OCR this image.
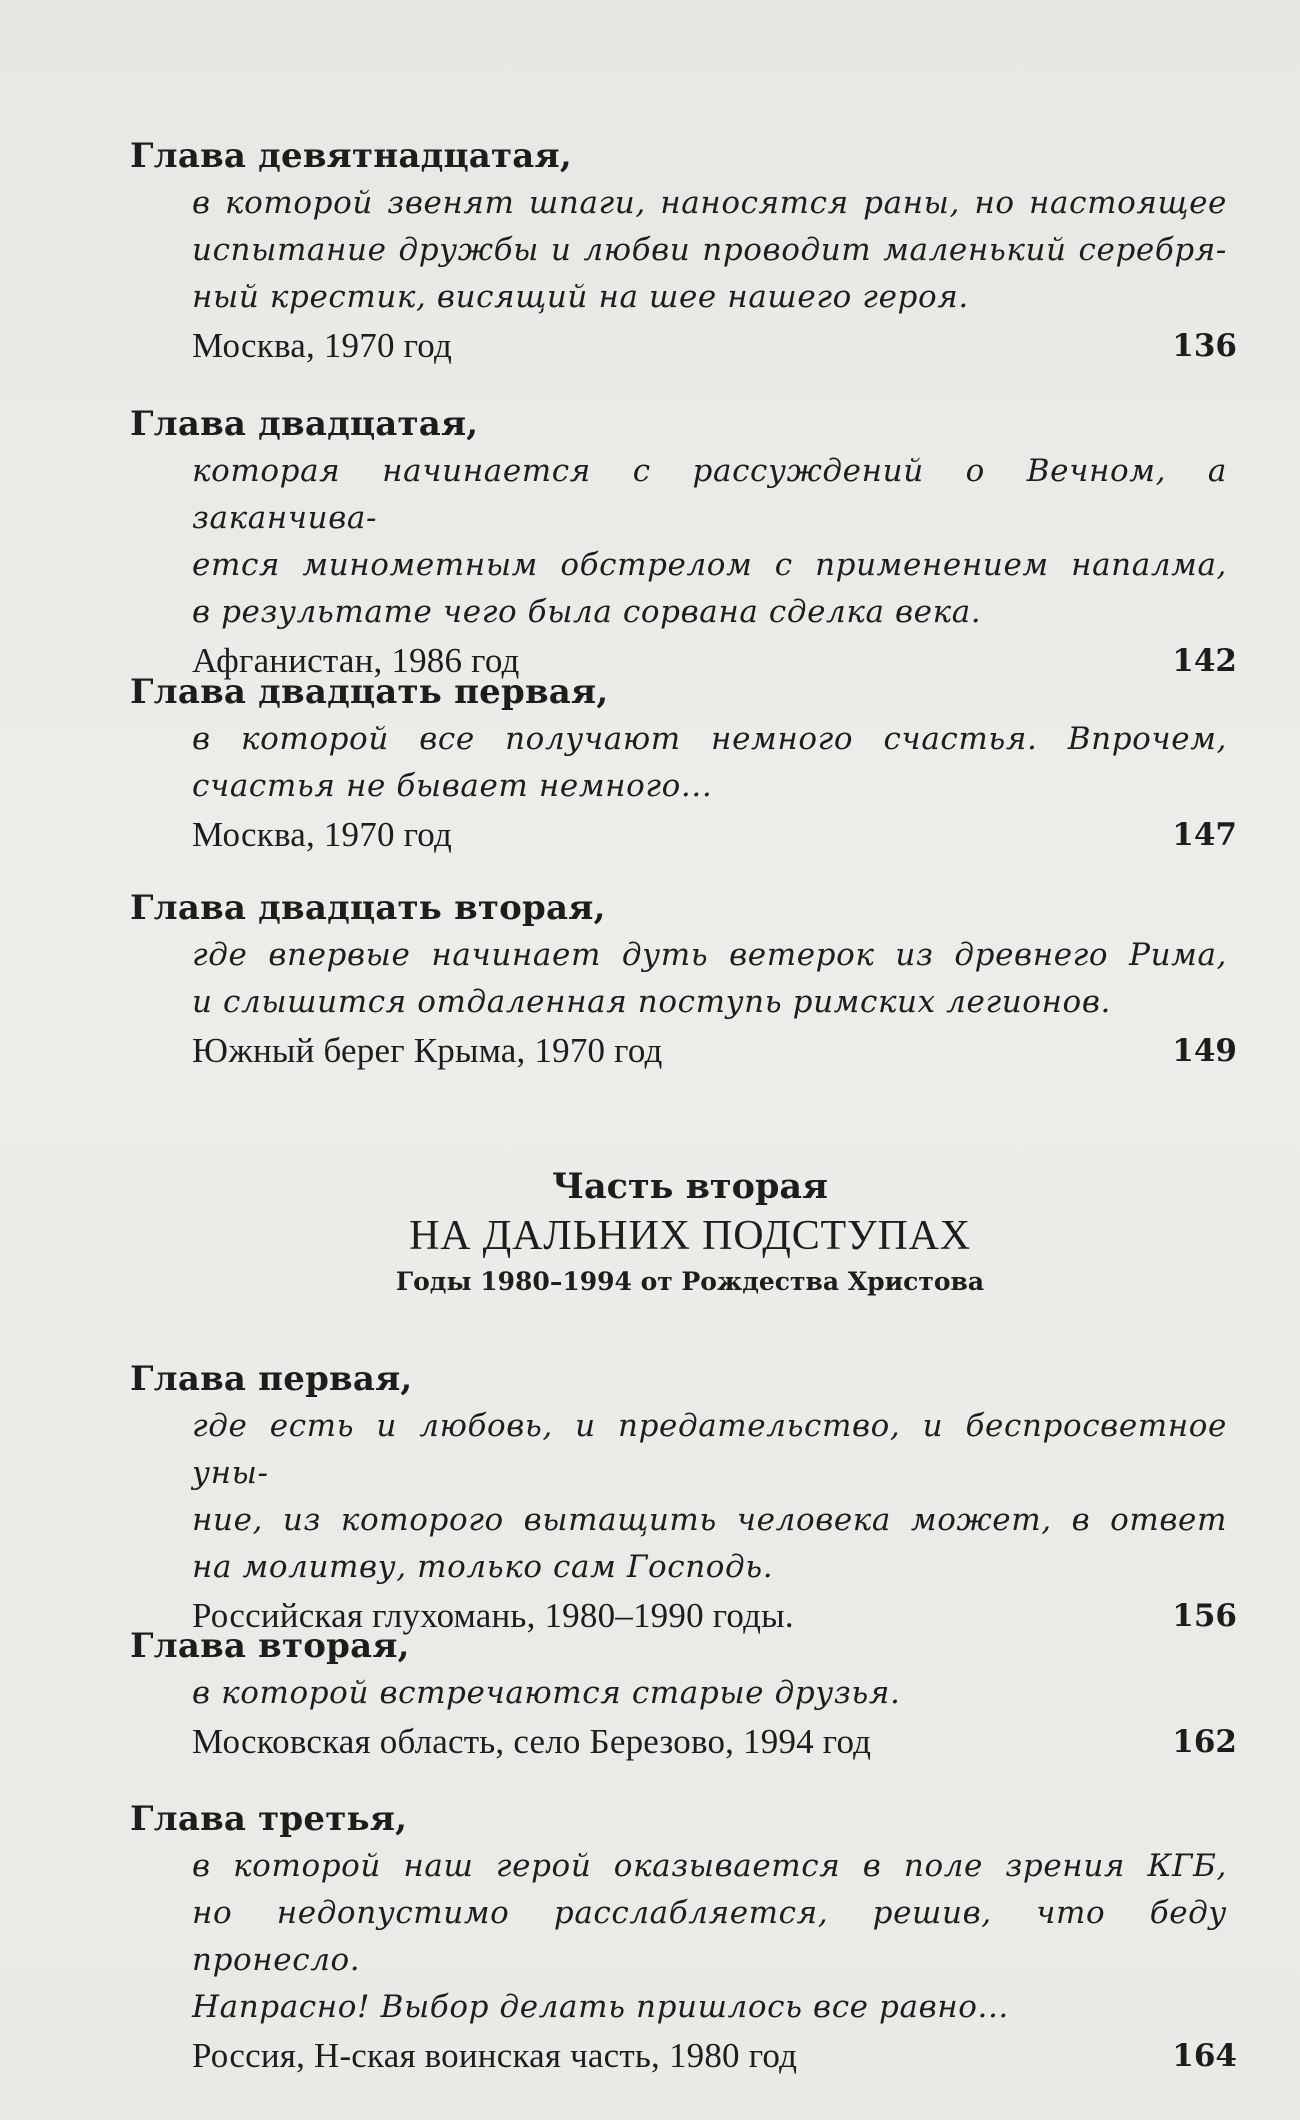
Глава девятнадцатая,

в которой звенят шпаги, наносятся раны, но настоящее
испытание дружбы и любви проводит маленький серебря-
ный крестик, висящий на шее нашего героя.

Москва, 1970 год	136

Глава двадцатая,

которая начинается с рассуждений о Вечном, а заканчива-
ется минометным обстрелом с применением напалма,
в результате чего была сорвана сделка века.

Афганистан, 1986 год	142

Глава двадцать первая,

в которой все получают немного счастья. Впрочем,
счастья не бывает немного...

Москва, 1970 год	147

Глава двадцать вторая,

где впервые начинает дуть ветерок из древнего Рима,
и слышится отдаленная поступь римских легионов.

Южный берег Крыма, 1970 год	149
Часть вторая
НА ДАЛЬНИХ ПОДСТУПАХ
Годы 1980–1994 от Рождества Христова

Глава первая,

где есть и любовь, и предательство, и беспросветное уны-
ние, из которого вытащить человека может, в ответ
на молитву, только сам Господь.

Российская глухомань, 1980–1990 годы.	156

Глава вторая,

в которой встречаются старые друзья.

Московская область, село Березово, 1994 год	162

Глава третья,

в которой наш герой оказывается в поле зрения КГБ,
но недопустимо расслабляется, решив, что беду пронесло.
Напрасно! Выбор делать пришлось все равно...

Россия, Н-ская воинская часть, 1980 год	164
